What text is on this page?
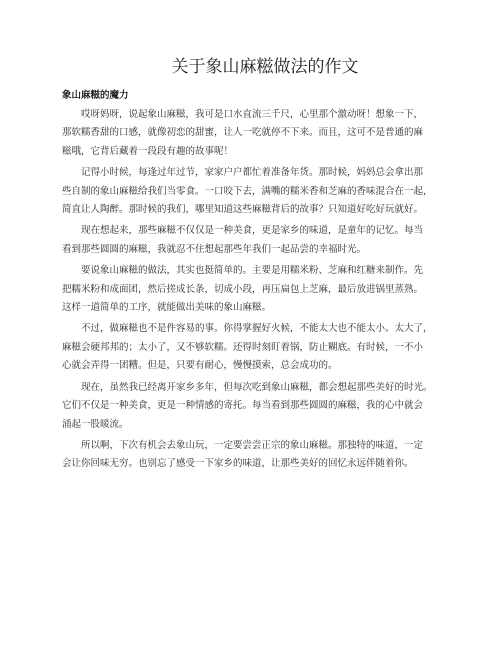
关于象山麻糍做法的作文
象山麻糍的魔力

哎呀妈呀，说起象山麻糍，我可是口水直流三千尺，心里那个激动呀！想象一下，
那软糯香甜的口感，就像初恋的甜蜜，让人一吃就停不下来。而且，这可不是普通的麻
糍哦，它背后藏着一段段有趣的故事呢！

记得小时候，每逢过年过节，家家户户都忙着准备年货。那时候，妈妈总会拿出那
些自制的象山麻糍给我们当零食。一口咬下去，满嘴的糯米香和芝麻的香味混合在一起，
简直让人陶醉。那时候的我们，哪里知道这些麻糍背后的故事？只知道好吃好玩就好。

现在想起来，那些麻糍不仅仅是一种美食，更是家乡的味道，是童年的记忆。每当
看到那些圆圆的麻糍，我就忍不住想起那些年我们一起品尝的幸福时光。

要说象山麻糍的做法，其实也挺简单的。主要是用糯米粉、芝麻和红糖来制作。先
把糯米粉和成面团，然后搓成长条，切成小段，再压扁包上芝麻，最后放进锅里蒸熟。
这样一道简单的工序，就能做出美味的象山麻糍。

不过，做麻糍也不是件容易的事。你得掌握好火候，不能太大也不能太小。太大了，
麻糍会硬邦邦的；太小了，又不够软糯。还得时刻盯着锅，防止糊底。有时候，一不小
心就会弄得一团糟。但是，只要有耐心，慢慢摸索，总会成功的。

现在，虽然我已经离开家乡多年，但每次吃到象山麻糍，都会想起那些美好的时光。
它们不仅是一种美食，更是一种情感的寄托。每当看到那些圆圆的麻糍，我的心中就会
涌起一股暖流。

所以啊，下次有机会去象山玩，一定要尝尝正宗的象山麻糍。那独特的味道，一定
会让你回味无穷。也别忘了感受一下家乡的味道，让那些美好的回忆永远伴随着你。
